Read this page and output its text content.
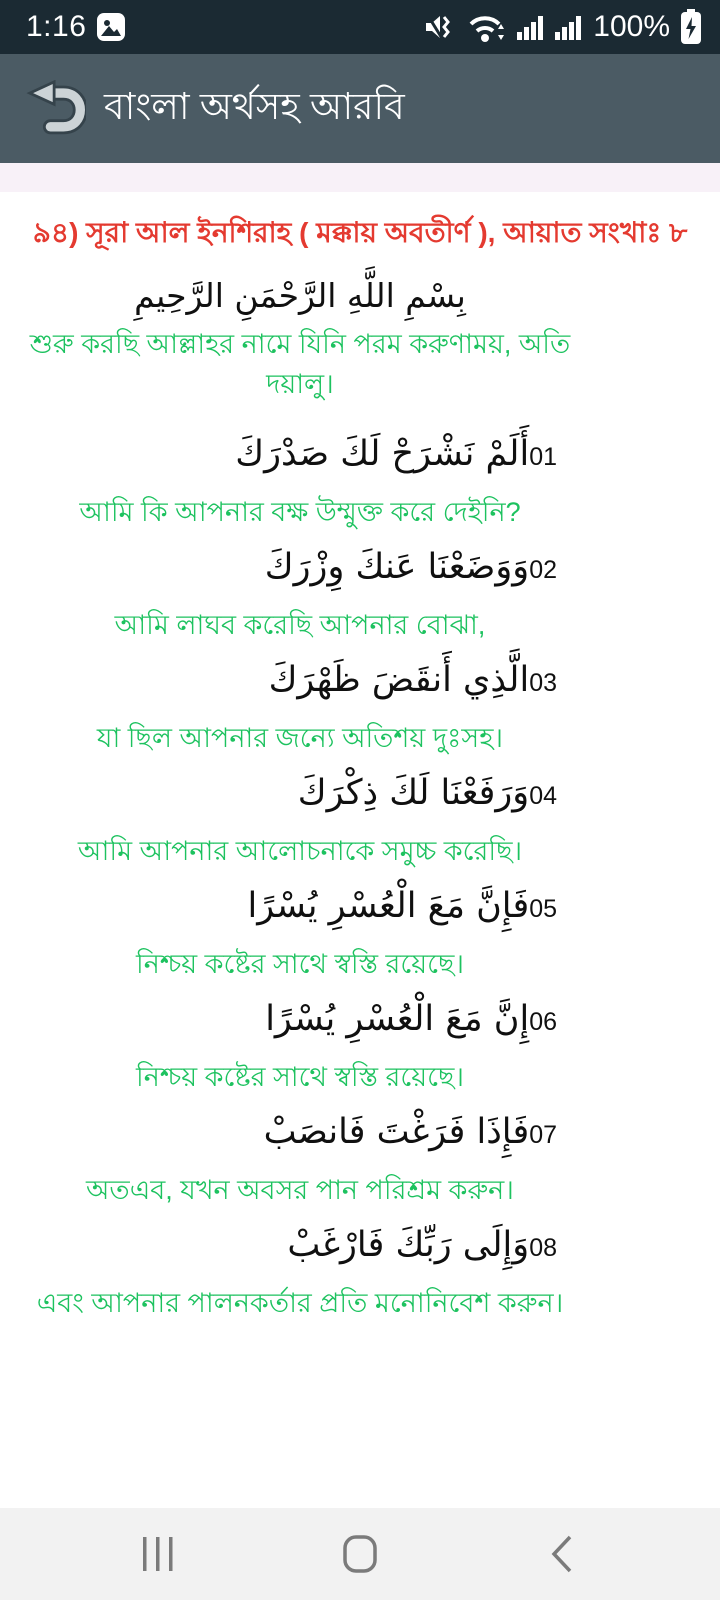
1:16	100%
বাংলা অর্থসহ আরবি
৯৪) সূরা আল ইনশিরাহ ( মক্কায় অবতীর্ণ ), আয়াত সংখাঃ ৮
بِسْمِ اللَّهِ الرَّحْمَنِ الرَّحِيمِ
শুরু করছি আল্লাহর নামে যিনি পরম করুণাময়, অতি দয়ালু।
01أَلَمْ نَشْرَحْ لَكَ صَدْرَكَ
আমি কি আপনার বক্ষ উম্মুক্ত করে দেইনি?
02وَوَضَعْنَا عَنكَ وِزْرَكَ
আমি লাঘব করেছি আপনার বোঝা,
03الَّذِي أَنقَضَ ظَهْرَكَ
যা ছিল আপনার জন্যে অতিশয় দুঃসহ।
04وَرَفَعْنَا لَكَ ذِكْرَكَ
আমি আপনার আলোচনাকে সমুচ্চ করেছি।
05فَإِنَّ مَعَ الْعُسْرِ يُسْرًا
নিশ্চয় কষ্টের সাথে স্বস্তি রয়েছে।
06إِنَّ مَعَ الْعُسْرِ يُسْرًا
নিশ্চয় কষ্টের সাথে স্বস্তি রয়েছে।
07فَإِذَا فَرَغْتَ فَانصَبْ
অতএব, যখন অবসর পান পরিশ্রম করুন।
08وَإِلَى رَبِّكَ فَارْغَبْ
এবং আপনার পালনকর্তার প্রতি মনোনিবেশ করুন।
